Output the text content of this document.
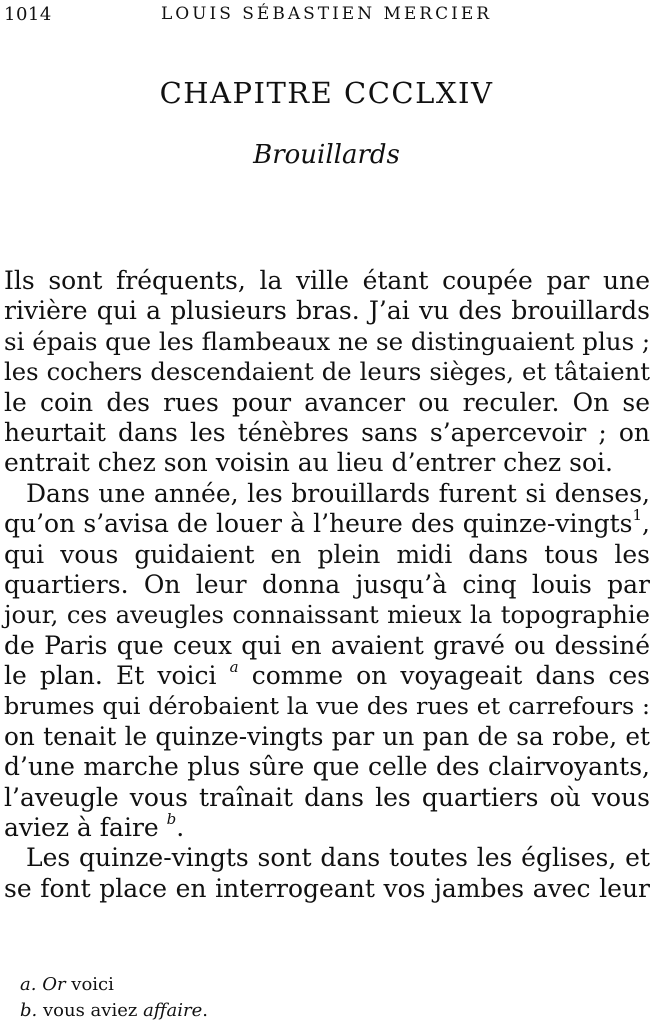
1014	LOUIS SÉBASTIEN MERCIER
CHAPITRE CCCLXIV
Brouillards
Ils sont fréquents, la ville étant coupée par une
rivière qui a plusieurs bras. J’ai vu des brouillards
si épais que les flambeaux ne se distinguaient plus ;
les cochers descendaient de leurs sièges, et tâtaient
le coin des rues pour avancer ou reculer. On se
heurtait dans les ténèbres sans s’apercevoir ; on
entrait chez son voisin au lieu d’entrer chez soi.
Dans une année, les brouillards furent si denses,
qu’on s’avisa de louer à l’heure des quinze-vingts$^1$,
qui vous guidaient en plein midi dans tous les
quartiers. On leur donna jusqu’à cinq louis par
jour, ces aveugles connaissant mieux la topographie
de Paris que ceux qui en avaient gravé ou dessiné
le plan. Et voici $^a$ comme on voyageait dans ces
brumes qui dérobaient la vue des rues et carrefours :
on tenait le quinze-vingts par un pan de sa robe, et
d’une marche plus sûre que celle des clairvoyants,
l’aveugle vous traînait dans les quartiers où vous
aviez à faire $^b$.
Les quinze-vingts sont dans toutes les églises, et
se font place en interrogeant vos jambes avec leur
a. Or voici
b. vous aviez affaire.
